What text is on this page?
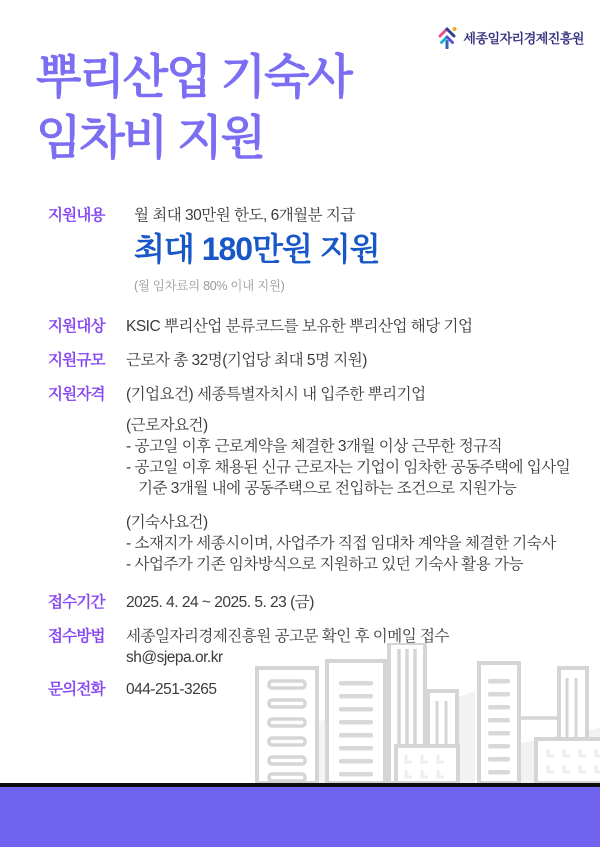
세종일자리경제진흥원
뿌리산업 기숙사
임차비 지원
지원내용	월 최대 30만원 한도, 6개월분 지급
최대 180만원 지원
(월 임차료의 80% 이내 지원)
지원대상	KSIC 뿌리산업 분류코드를 보유한 뿌리산업 해당 기업
지원규모	근로자 총 32명(기업당 최대 5명 지원)
지원자격	(기업요건) 세종특별자치시 내 입주한 뿌리기업
(근로자요건)
- 공고일 이후 근로계약을 체결한 3개월 이상 근무한 정규직
- 공고일 이후 채용된 신규 근로자는 기업이 임차한 공동주택에 입사일 기준 3개월 내에 공동주택으로 전입하는 조건으로 지원가능
(기숙사요건)
- 소재지가 세종시이며, 사업주가 직접 임대차 계약을 체결한 기숙사
- 사업주가 기존 임차방식으로 지원하고 있던 기숙사 활용 가능
접수기간	2025. 4. 24 ~ 2025. 5. 23 (금)
접수방법	세종일자리경제진흥원 공고문 확인 후 이메일 접수
sh@sjepa.or.kr
문의전화	044-251-3265
